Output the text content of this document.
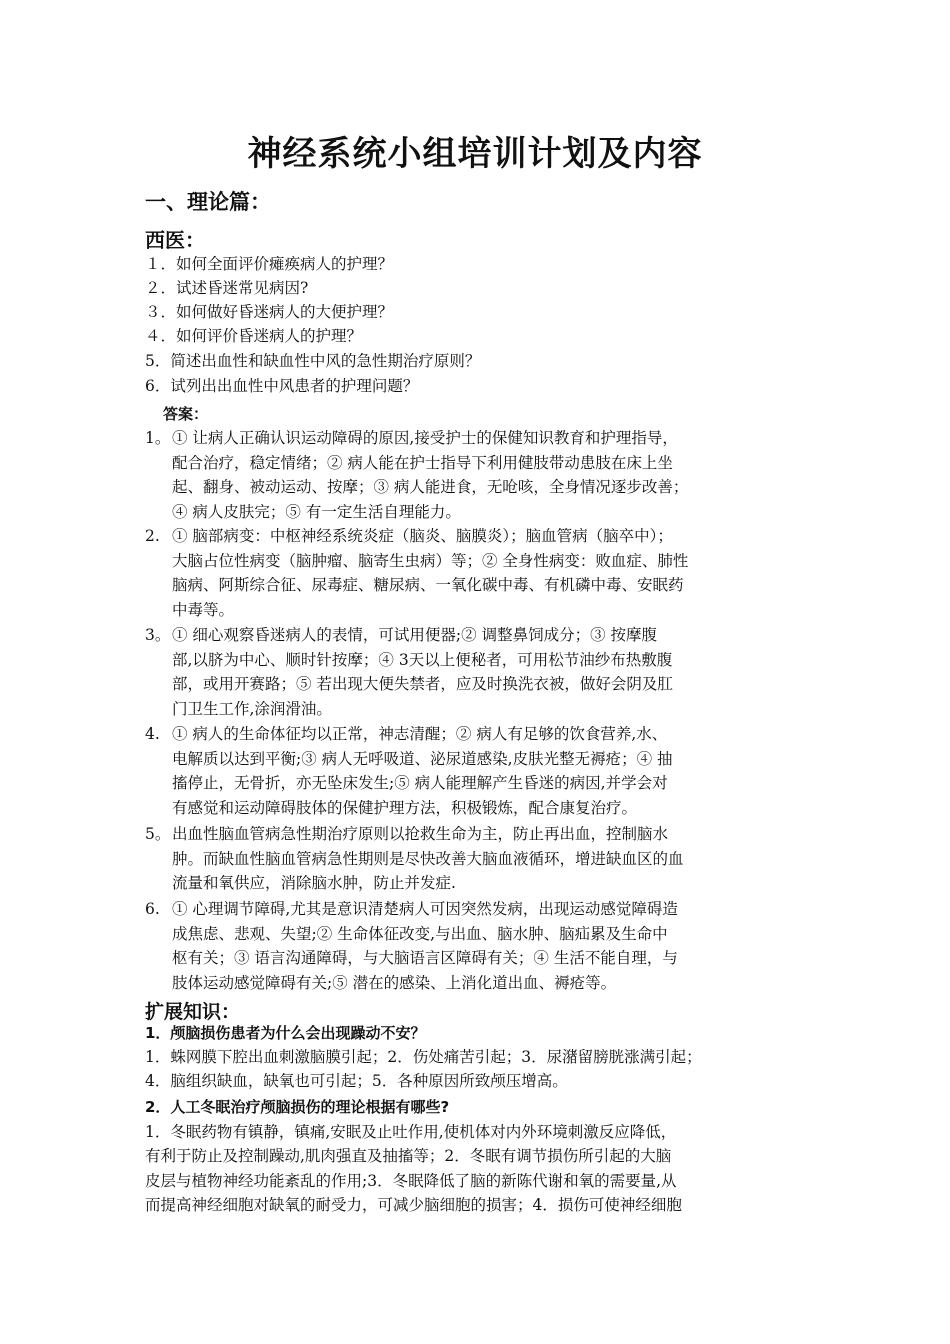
神经系统小组培训计划及内容
一、理论篇：
西医：
１．如何全面评价瘫痪病人的护理？
２．试述昏迷常见病因?
３．如何做好昏迷病人的大便护理？
４．如何评价昏迷病人的护理？
5．简述出血性和缺血性中风的急性期治疗原则？
6．试列出出血性中风患者的护理问题？
答案：
1。 ① 让病人正确认识运动障碍的原因,接受护士的保健知识教育和护理指导，
配合治疗，稳定情绪；② 病人能在护士指导下利用健肢带动患肢在床上坐
起、翻身、被动运动、按摩；③ 病人能进食，无呛咳，全身情况逐步改善；
④ 病人皮肤完；⑤ 有一定生活自理能力。
2. ① 脑部病变：中枢神经系统炎症（脑炎、脑膜炎）；脑血管病（脑卒中）；
大脑占位性病变（脑肿瘤、脑寄生虫病）等；② 全身性病变：败血症、肺性
脑病、阿斯综合征、尿毒症、糖尿病、一氧化碳中毒、有机磷中毒、安眠药
中毒等。
3。 ① 细心观察昏迷病人的表情，可试用便器;② 调整鼻饲成分；③ 按摩腹
部,以脐为中心、顺时针按摩；④ 3天以上便秘者，可用松节油纱布热敷腹
部，或用开赛路；⑤ 若出现大便失禁者，应及时换洗衣被，做好会阴及肛
门卫生工作,涂润滑油。
4. ① 病人的生命体征均以正常，神志清醒；② 病人有足够的饮食营养,水、
电解质以达到平衡;③ 病人无呼吸道、泌尿道感染,皮肤光整无褥疮；④ 抽
搐停止，无骨折，亦无坠床发生;⑤ 病人能理解产生昏迷的病因,并学会对
有感觉和运动障碍肢体的保健护理方法，积极锻炼，配合康复治疗。
5。 出血性脑血管病急性期治疗原则以抢救生命为主，防止再出血，控制脑水
肿。而缺血性脑血管病急性期则是尽快改善大脑血液循环，增进缺血区的血
流量和氧供应，消除脑水肿，防止并发症.
6. ① 心理调节障碍,尤其是意识清楚病人可因突然发病，出现运动感觉障碍造
成焦虑、悲观、失望;② 生命体征改变,与出血、脑水肿、脑疝累及生命中
枢有关；③ 语言沟通障碍，与大脑语言区障碍有关；④ 生活不能自理，与
肢体运动感觉障碍有关;⑤ 潜在的感染、上消化道出血、褥疮等。
扩展知识：
1．颅脑损伤患者为什么会出现躁动不安？
1．蛛网膜下腔出血刺激脑膜引起；2．伤处痛苦引起；3．尿潴留膀胱涨满引起；
4．脑组织缺血，缺氧也可引起；5．各种原因所致颅压增高。
2．人工冬眠治疗颅脑损伤的理论根据有哪些?
1．冬眠药物有镇静，镇痛,安眠及止吐作用,使机体对内外环境刺激反应降低，
有利于防止及控制躁动,肌肉强直及抽搐等；2．冬眠有调节损伤所引起的大脑
皮层与植物神经功能紊乱的作用;3．冬眠降低了脑的新陈代谢和氧的需要量,从
而提高神经细胞对缺氧的耐受力，可减少脑细胞的损害；4．损伤可使神经细胞
